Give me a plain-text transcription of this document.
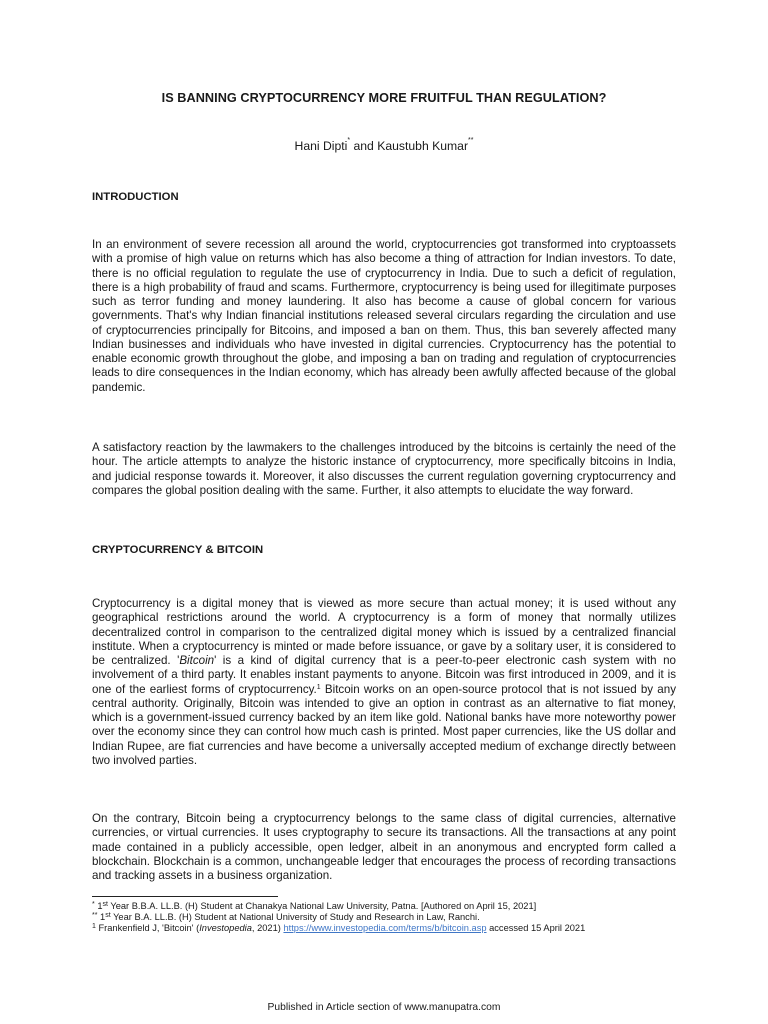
IS BANNING CRYPTOCURRENCY MORE FRUITFUL THAN REGULATION?
Hani Dipti* and Kaustubh Kumar**
INTRODUCTION

In an environment of severe recession all around the world, cryptocurrencies got transformed into cryptoassets with a promise of high value on returns which has also become a thing of attraction for Indian investors. To date, there is no official regulation to regulate the use of cryptocurrency in India. Due to such a deficit of regulation, there is a high probability of fraud and scams. Furthermore, cryptocurrency is being used for illegitimate purposes such as terror funding and money laundering. It also has become a cause of global concern for various governments. That's why Indian financial institutions released several circulars regarding the circulation and use of cryptocurrencies principally for Bitcoins, and imposed a ban on them. Thus, this ban severely affected many Indian businesses and individuals who have invested in digital currencies. Cryptocurrency has the potential to enable economic growth throughout the globe, and imposing a ban on trading and regulation of cryptocurrencies leads to dire consequences in the Indian economy, which has already been awfully affected because of the global pandemic.

A satisfactory reaction by the lawmakers to the challenges introduced by the bitcoins is certainly the need of the hour. The article attempts to analyze the historic instance of cryptocurrency, more specifically bitcoins in India, and judicial response towards it. Moreover, it also discusses the current regulation governing cryptocurrency and compares the global position dealing with the same. Further, it also attempts to elucidate the way forward.

CRYPTOCURRENCY & BITCOIN

Cryptocurrency is a digital money that is viewed as more secure than actual money; it is used without any geographical restrictions around the world. A cryptocurrency is a form of money that normally utilizes decentralized control in comparison to the centralized digital money which is issued by a centralized financial institute. When a cryptocurrency is minted or made before issuance, or gave by a solitary user, it is considered to be centralized. 'Bitcoin' is a kind of digital currency that is a peer-to-peer electronic cash system with no involvement of a third party. It enables instant payments to anyone. Bitcoin was first introduced in 2009, and it is one of the earliest forms of cryptocurrency.$^1$ Bitcoin works on an open-source protocol that is not issued by any central authority. Originally, Bitcoin was intended to give an option in contrast as an alternative to fiat money, which is a government-issued currency backed by an item like gold. National banks have more noteworthy power over the economy since they can control how much cash is printed. Most paper currencies, like the US dollar and Indian Rupee, are fiat currencies and have become a universally accepted medium of exchange directly between two involved parties.

On the contrary, Bitcoin being a cryptocurrency belongs to the same class of digital currencies, alternative currencies, or virtual currencies. It uses cryptography to secure its transactions. All the transactions at any point made contained in a publicly accessible, open ledger, albeit in an anonymous and encrypted form called a blockchain. Blockchain is a common, unchangeable ledger that encourages the process of recording transactions and tracking assets in a business organization.

* 1st Year B.B.A. LL.B. (H) Student at Chanakya National Law University, Patna. [Authored on April 15, 2021]
** 1st Year B.A. LL.B. (H) Student at National University of Study and Research in Law, Ranchi.
$^1$ Frankenfield J, 'Bitcoin' (Investopedia, 2021) https://www.investopedia.com/terms/b/bitcoin.asp accessed 15 April 2021
Published in Article section of www.manupatra.com
